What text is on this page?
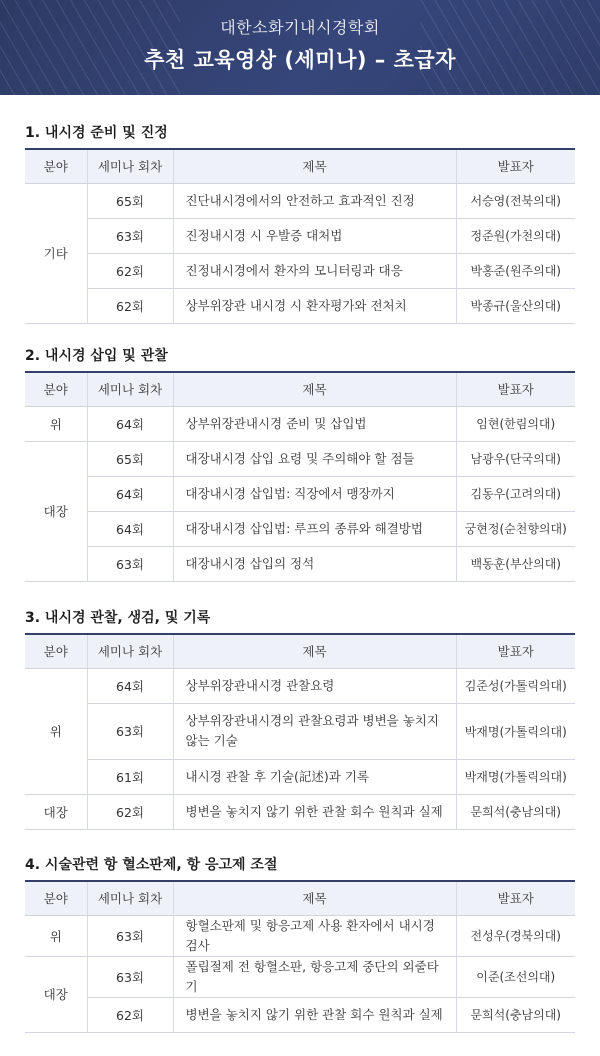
대한소화기내시경학회
추천 교육영상 (세미나) – 초급자
1. 내시경 준비 및 진정
분야	세미나 회차	제목	발표자
기타	65회	진단내시경에서의 안전하고 효과적인 진정	서승영(전북의대)
	63회	진정내시경 시 우발증 대처법	정준원(가천의대)
	62회	진정내시경에서 환자의 모니터링과 대응	박홍준(원주의대)
	62회	상부위장관 내시경 시 환자평가와 전처치	박종규(울산의대)
2. 내시경 삽입 및 관찰
분야	세미나 회차	제목	발표자
위	64회	상부위장관내시경 준비 및 삽입법	임현(한림의대)
대장	65회	대장내시경 삽입 요령 및 주의해야 할 점들	남광우(단국의대)
	64회	대장내시경 삽입법: 직장에서 맹장까지	김동우(고려의대)
	64회	대장내시경 삽입법: 루프의 종류와 해결방법	궁현정(순천향의대)
	63회	대장내시경 삽입의 정석	백동훈(부산의대)
3. 내시경 관찰, 생검, 및 기록
분야	세미나 회차	제목	발표자
위	64회	상부위장관내시경 관찰요령	김준성(가톨릭의대)
	63회	상부위장관내시경의 관찰요령과 병변을 놓치지 않는 기술	박재명(가톨릭의대)
	61회	내시경 관찰 후 기술(記述)과 기록	박재명(가톨릭의대)
대장	62회	병변을 놓치지 않기 위한 관찰 회수 원칙과 실제	문희석(충남의대)
4. 시술관련 항 혈소판제, 항 응고제 조절
분야	세미나 회차	제목	발표자
위	63회	항혈소판제 및 항응고제 사용 환자에서 내시경 검사	전성우(경북의대)
대장	63회	폴립절제 전 항혈소판, 항응고제 중단의 외줄타기	이준(조선의대)
	62회	병변을 놓치지 않기 위한 관찰 회수 원칙과 실제	문희석(충남의대)
